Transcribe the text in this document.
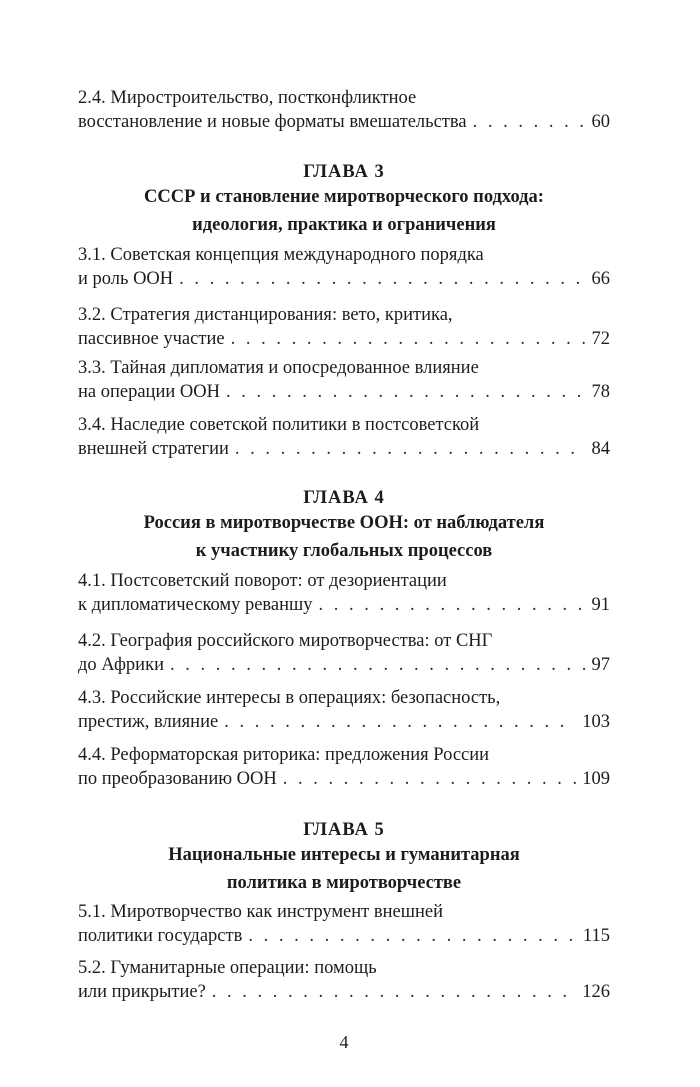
2.4. Миростроительство, постконфликтное
восстановление и новые форматы вмешательства . . .	60
ГЛАВА 3
СССР и становление миротворческого подхода:
идеология, практика и ограничения
3.1. Советская концепция международного порядка
и роль ООН . . .	66
3.2. Стратегия дистанцирования: вето, критика,
пассивное участие . . .	72
3.3. Тайная дипломатия и опосредованное влияние
на операции ООН . . .	78
3.4. Наследие советской политики в постсоветской
внешней стратегии . . .	84
ГЛАВА 4
Россия в миротворчестве ООН: от наблюдателя
к участнику глобальных процессов
4.1. Постсоветский поворот: от дезориентации
к дипломатическому реваншу . . .	91
4.2. География российского миротворчества: от СНГ
до Африки . . .	97
4.3. Российские интересы в операциях: безопасность,
престиж, влияние . . .	103
4.4. Реформаторская риторика: предложения России
по преобразованию ООН . . .	109
ГЛАВА 5
Национальные интересы и гуманитарная
политика в миротворчестве
5.1. Миротворчество как инструмент внешней
политики государств . . .	115
5.2. Гуманитарные операции: помощь
или прикрытие? . . .	126
4
